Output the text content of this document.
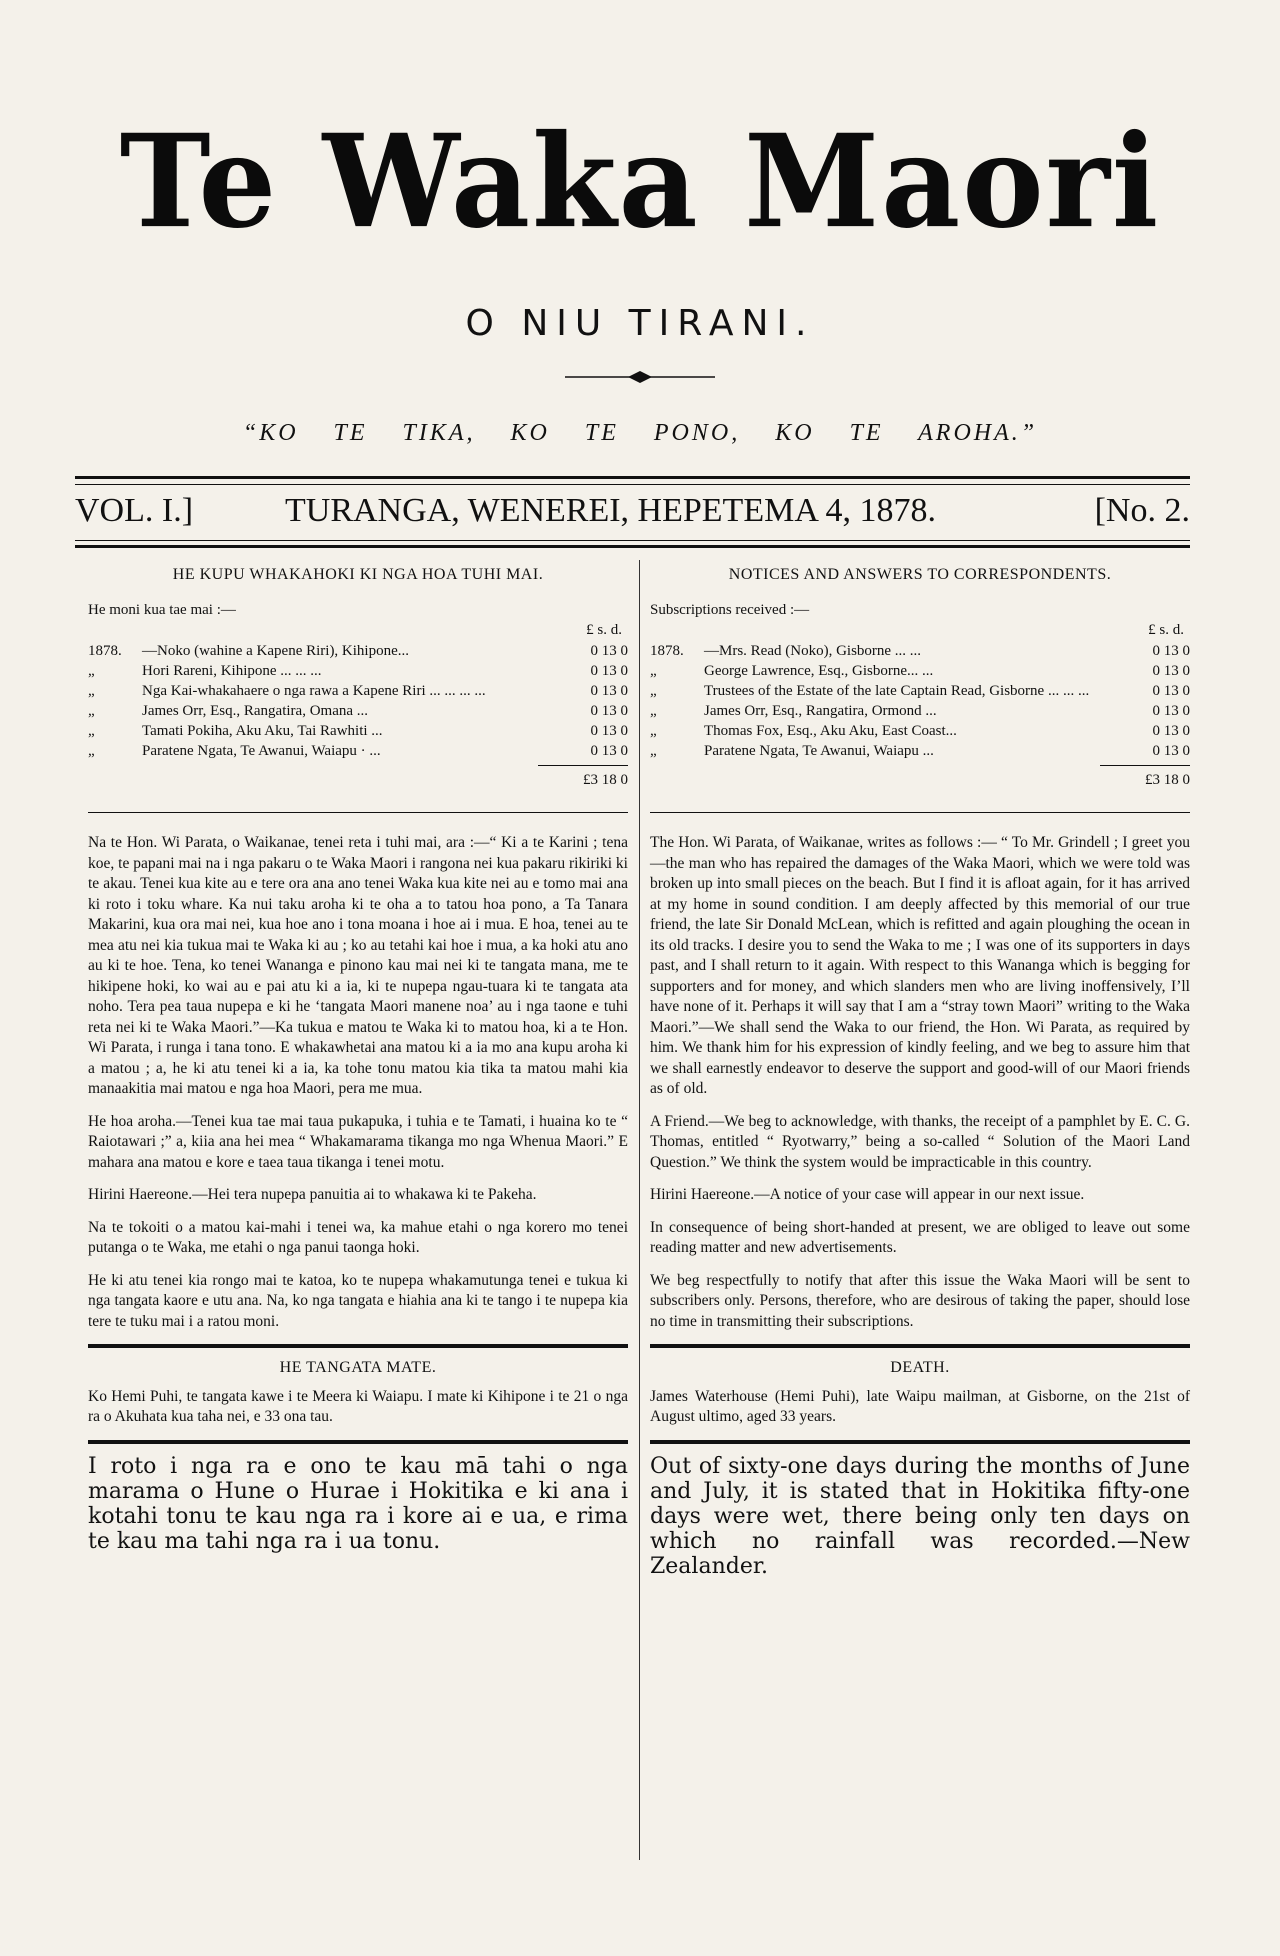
Te Waka Maori
O NIU TIRANI.
“KO TE TIKA, KO TE PONO, KO TE AROHA.”
VOL. I.]	TURANGA, WENEREI, HEPETEMA 4, 1878.	[No. 2.

HE KUPU WHAKAHOKI KI NGA HOA TUHI MAI.

He moni kua tae mai :—

£ s. d.
1878.	—Noko (wahine a Kapene Riri), Kihipone...	0 13 0
„	Hori Rareni, Kihipone ... ... ...	0 13 0
„	Nga Kai-whakahaere o nga rawa a Kapene Riri ... ... ... ...	0 13 0
„	James Orr, Esq., Rangatira, Omana ...	0 13 0
„	Tamati Pokiha, Aku Aku, Tai Rawhiti ...	0 13 0
„	Paratene Ngata, Te Awanui, Waiapu · ...	0 13 0
£3 18 0

Na te Hon. Wi Parata, o Waikanae, tenei reta i tuhi mai, ara :—“ Ki a te Karini ; tena koe, te papani mai na i nga pakaru o te Waka Maori i rangona nei kua pakaru rikiriki ki te akau. Tenei kua kite au e tere ora ana ano tenei Waka kua kite nei au e tomo mai ana ki roto i toku whare. Ka nui taku aroha ki te oha a to tatou hoa pono, a Ta Tanara Makarini, kua ora mai nei, kua hoe ano i tona moana i hoe ai i mua. E hoa, tenei au te mea atu nei kia tukua mai te Waka ki au ; ko au tetahi kai hoe i mua, a ka hoki atu ano au ki te hoe. Tena, ko tenei Wananga e pinono kau mai nei ki te tangata mana, me te hikipene hoki, ko wai au e pai atu ki a ia, ki te nupepa ngau-tuara ki te tangata ata noho. Tera pea taua nupepa e ki he ‘tangata Maori manene noa’ au i nga taone e tuhi reta nei ki te Waka Maori.”—Ka tukua e matou te Waka ki to matou hoa, ki a te Hon. Wi Parata, i runga i tana tono. E whakawhetai ana matou ki a ia mo ana kupu aroha ki a matou ; a, he ki atu tenei ki a ia, ka tohe tonu matou kia tika ta matou mahi kia manaakitia mai matou e nga hoa Maori, pera me mua.

He hoa aroha.—Tenei kua tae mai taua pukapuka, i tuhia e te Tamati, i huaina ko te “ Raiotawari ;” a, kiia ana hei mea “ Whakamarama tikanga mo nga Whenua Maori.” E mahara ana matou e kore e taea taua tikanga i tenei motu.

Hirini Haereone.—Hei tera nupepa panuitia ai to whakawa ki te Pakeha.

Na te tokoiti o a matou kai-mahi i tenei wa, ka mahue etahi o nga korero mo tenei putanga o te Waka, me etahi o nga panui taonga hoki.

He ki atu tenei kia rongo mai te katoa, ko te nupepa whakamutunga tenei e tukua ki nga tangata kaore e utu ana. Na, ko nga tangata e hiahia ana ki te tango i te nupepa kia tere te tuku mai i a ratou moni.

HE TANGATA MATE.

Ko Hemi Puhi, te tangata kawe i te Meera ki Waiapu. I mate ki Kihipone i te 21 o nga ra o Akuhata kua taha nei, e 33 ona tau.

I roto i nga ra e ono te kau mā tahi o nga marama o Hune o Hurae i Hokitika e ki ana i kotahi tonu te kau nga ra i kore ai e ua, e rima te kau ma tahi nga ra i ua tonu.

NOTICES AND ANSWERS TO CORRESPONDENTS.

Subscriptions received :—

£ s. d.
1878.	—Mrs. Read (Noko), Gisborne ... ...	0 13 0
„	George Lawrence, Esq., Gisborne... ...	0 13 0
„	Trustees of the Estate of the late Captain Read, Gisborne ... ... ...	0 13 0
„	James Orr, Esq., Rangatira, Ormond ...	0 13 0
„	Thomas Fox, Esq., Aku Aku, East Coast...	0 13 0
„	Paratene Ngata, Te Awanui, Waiapu ...	0 13 0
£3 18 0

The Hon. Wi Parata, of Waikanae, writes as follows :— “ To Mr. Grindell ; I greet you—the man who has repaired the damages of the Waka Maori, which we were told was broken up into small pieces on the beach. But I find it is afloat again, for it has arrived at my home in sound condition. I am deeply affected by this memorial of our true friend, the late Sir Donald McLean, which is refitted and again ploughing the ocean in its old tracks. I desire you to send the Waka to me ; I was one of its supporters in days past, and I shall return to it again. With respect to this Wananga which is begging for supporters and for money, and which slanders men who are living inoffensively, I’ll have none of it. Perhaps it will say that I am a “stray town Maori” writing to the Waka Maori.”—We shall send the Waka to our friend, the Hon. Wi Parata, as required by him. We thank him for his expression of kindly feeling, and we beg to assure him that we shall earnestly endeavor to deserve the support and good-will of our Maori friends as of old.

A Friend.—We beg to acknowledge, with thanks, the receipt of a pamphlet by E. C. G. Thomas, entitled “ Ryotwarry,” being a so-called “ Solution of the Maori Land Question.” We think the system would be impracticable in this country.

Hirini Haereone.—A notice of your case will appear in our next issue.

In consequence of being short-handed at present, we are obliged to leave out some reading matter and new advertisements.

We beg respectfully to notify that after this issue the Waka Maori will be sent to subscribers only. Persons, therefore, who are desirous of taking the paper, should lose no time in transmitting their subscriptions.

DEATH.

James Waterhouse (Hemi Puhi), late Waipu mailman, at Gisborne, on the 21st of August ultimo, aged 33 years.

Out of sixty-one days during the months of June and July, it is stated that in Hokitika fifty-one days were wet, there being only ten days on which no rainfall was recorded.—New Zealander.
